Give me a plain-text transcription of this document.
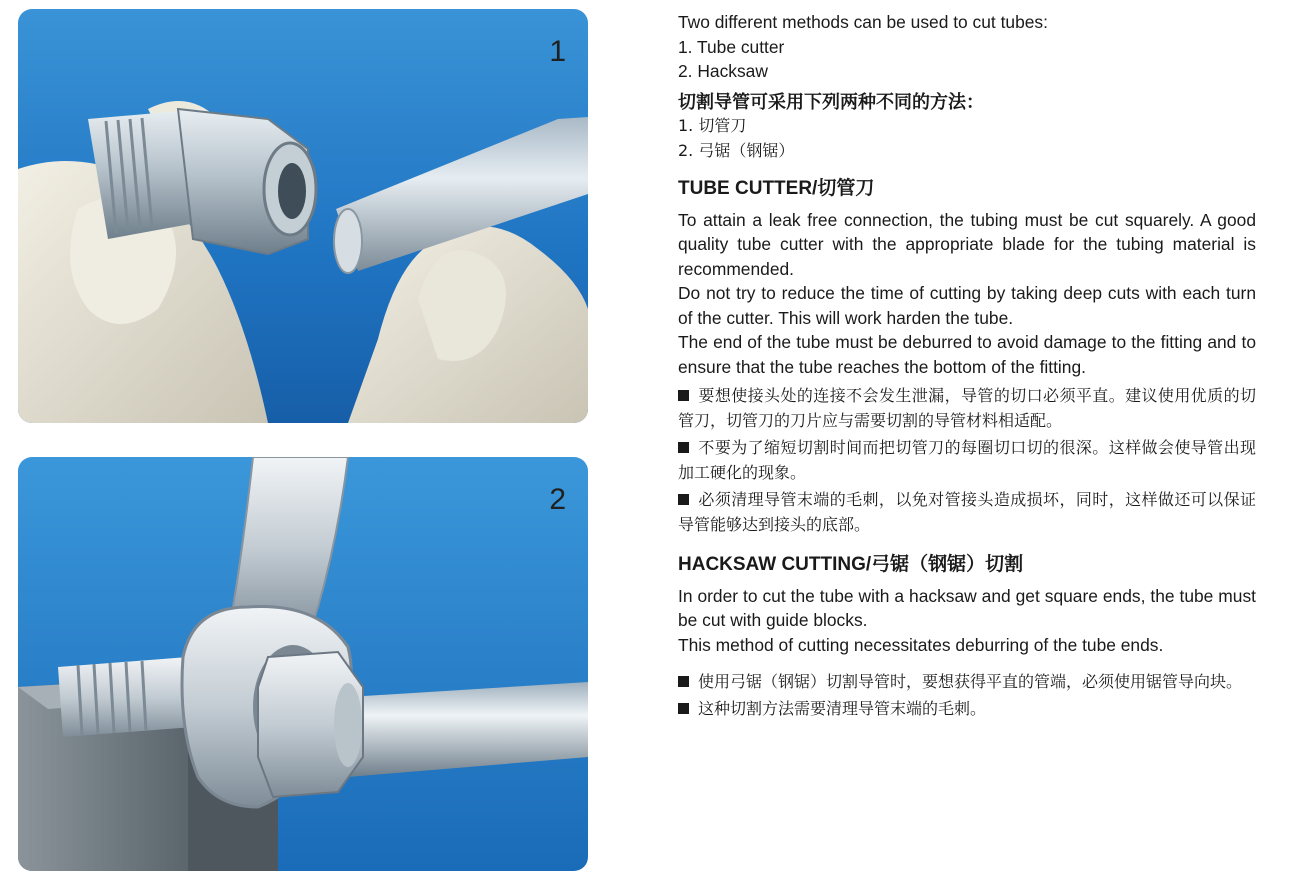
1
2

Two different methods can be used to cut tubes:

1. Tube cutter

2. Hacksaw

切割导管可采用下列两种不同的方法：

1. 切管刀

2. 弓锯（钢锯）

TUBE CUTTER/切管刀

To attain a leak free connection, the tubing must be cut squarely. A good quality tube cutter with the appropriate blade for the tubing material is recommended.

Do not try to reduce the time of cutting by taking deep cuts with each turn of the cutter. This will work harden the tube.

The end of the tube must be deburred to avoid damage to the fitting and to ensure that the tube reaches the bottom of the fitting.

要想使接头处的连接不会发生泄漏，导管的切口必须平直。建议使用优质的切管刀，切管刀的刀片应与需要切割的导管材料相适配。

不要为了缩短切割时间而把切管刀的每圈切口切的很深。这样做会使导管出现加工硬化的现象。

必须清理导管末端的毛刺，以免对管接头造成损坏，同时，这样做还可以保证导管能够达到接头的底部。

HACKSAW CUTTING/弓锯（钢锯）切割

In order to cut the tube with a hacksaw and get square ends, the tube must be cut with guide blocks.

This method of cutting necessitates deburring of the tube ends.

使用弓锯（钢锯）切割导管时，要想获得平直的管端，必须使用锯管导向块。

这种切割方法需要清理导管末端的毛刺。
